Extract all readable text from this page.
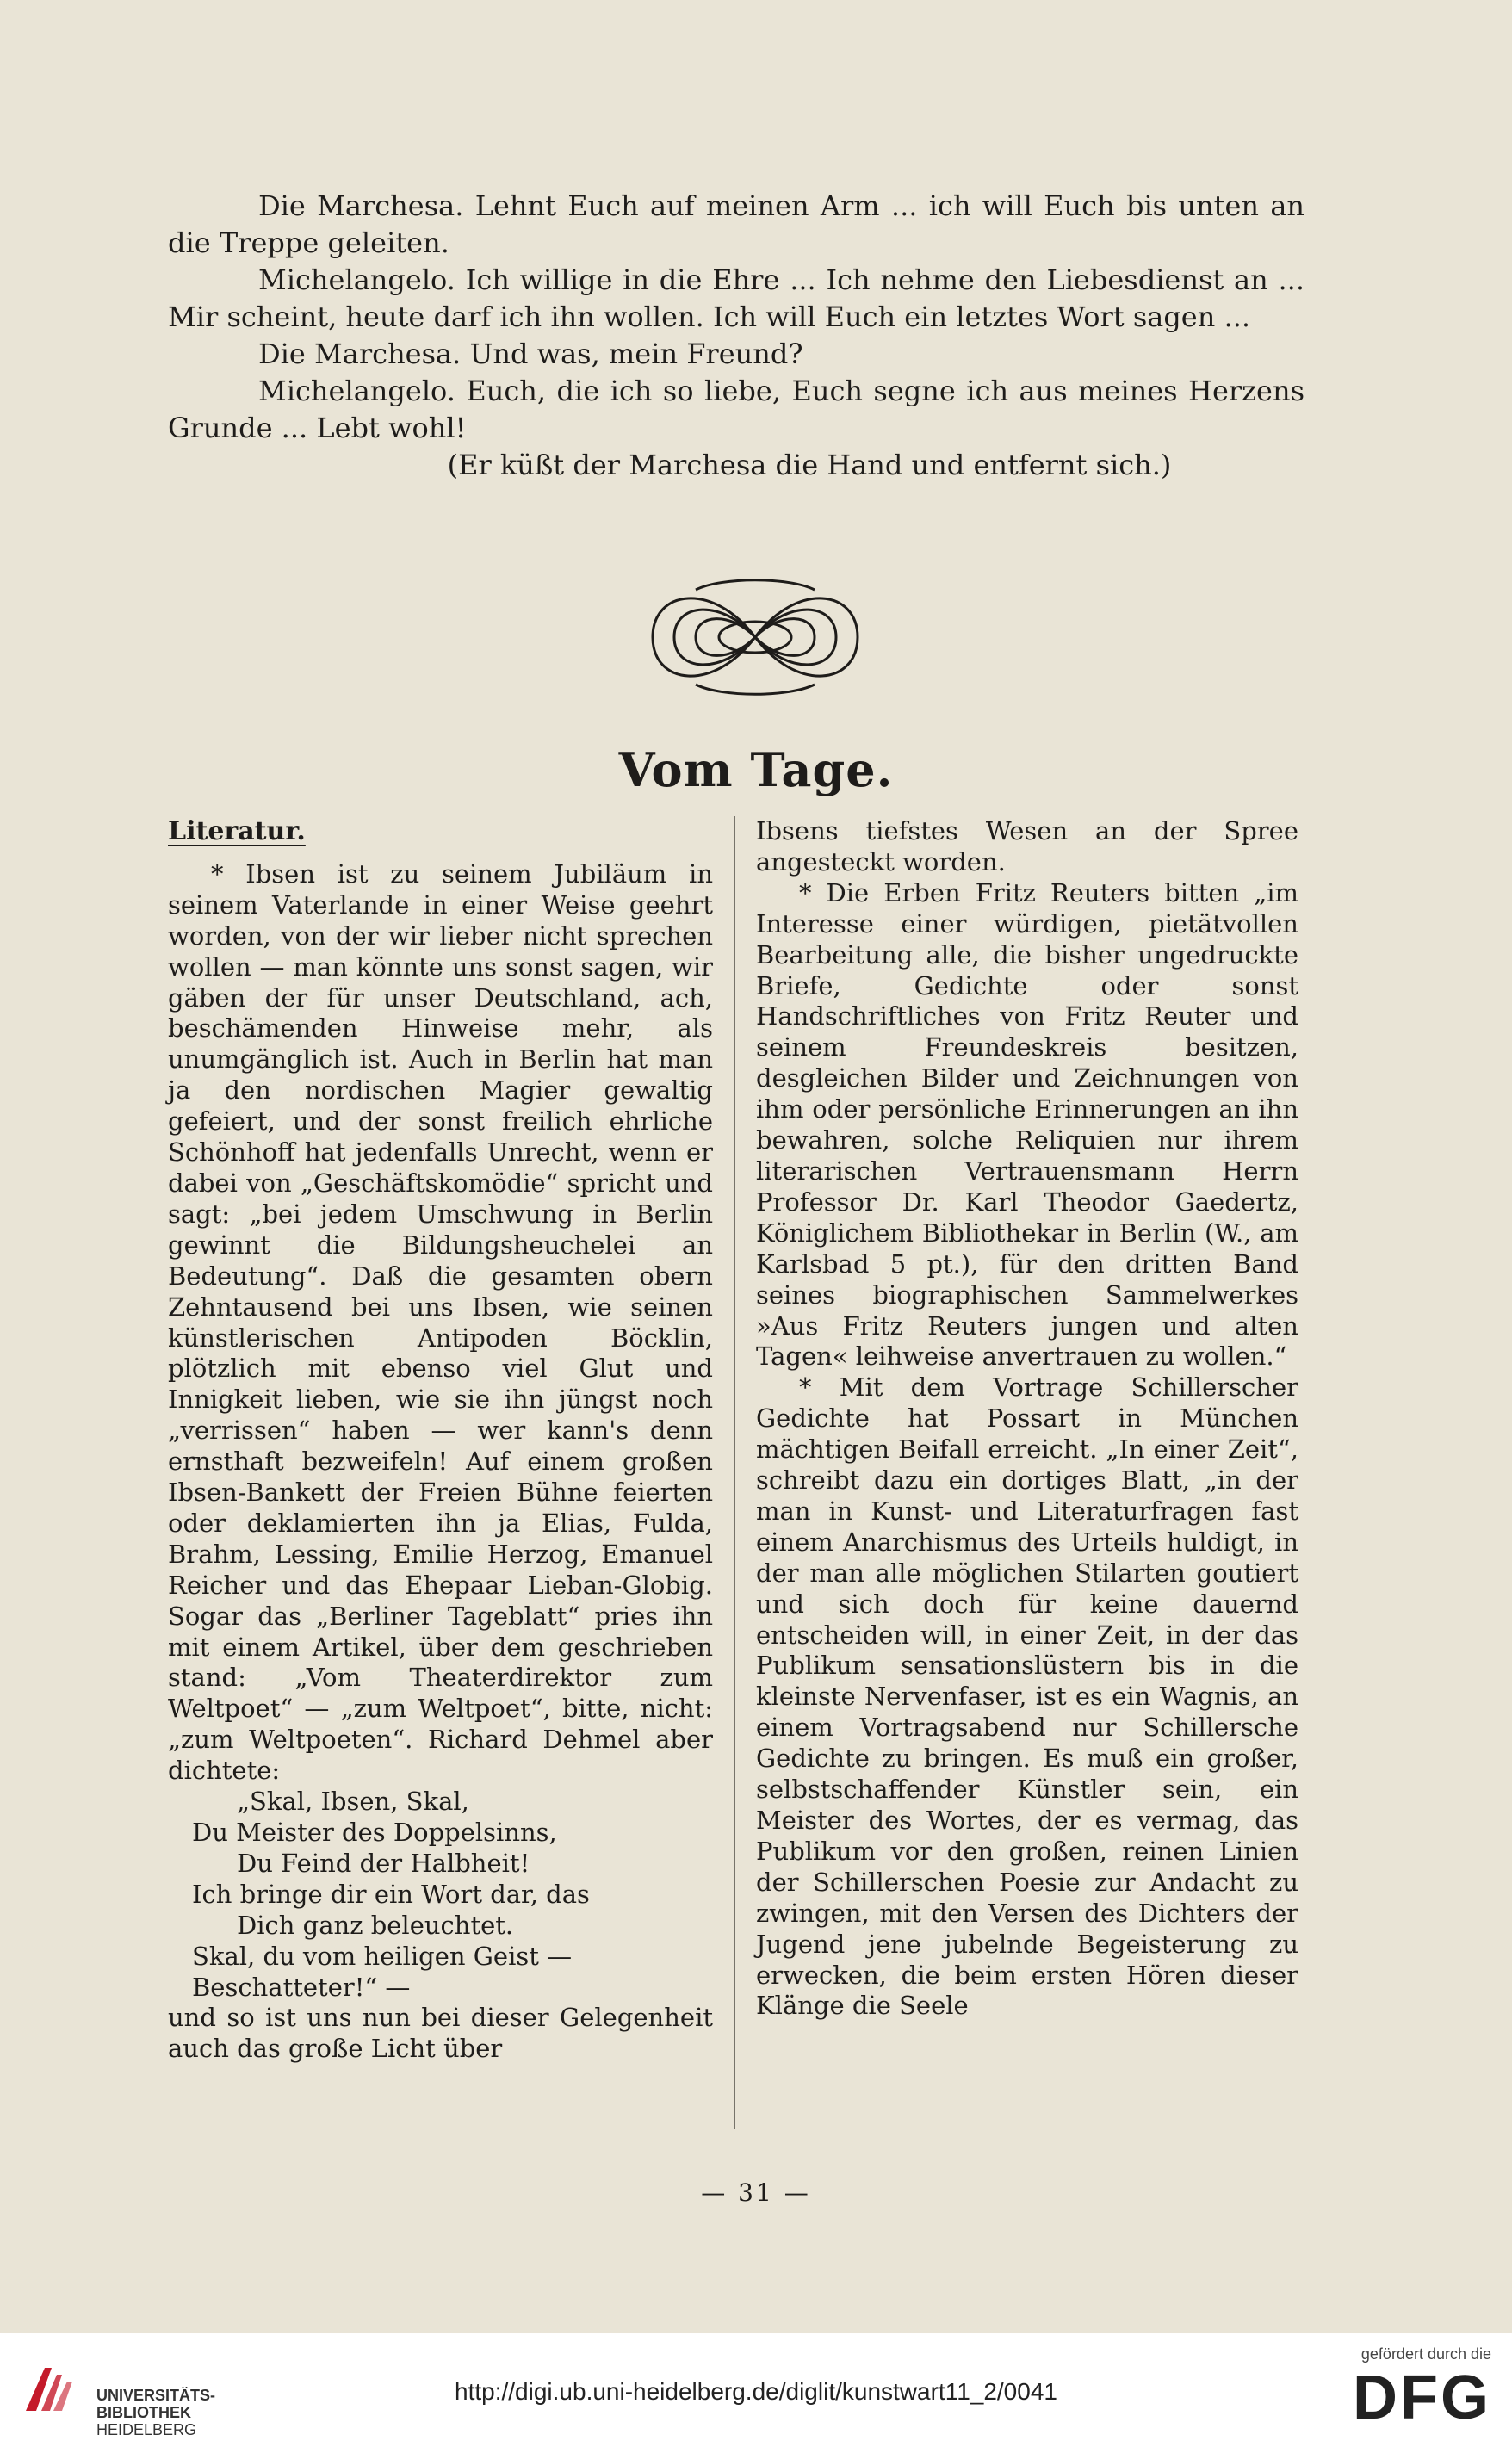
Die Marchesa. Lehnt Euch auf meinen Arm ... ich will Euch bis unten an die Treppe geleiten.

Michelangelo. Ich willige in die Ehre ... Ich nehme den Liebesdienst an ... Mir scheint, heute darf ich ihn wollen. Ich will Euch ein letztes Wort sagen ...

Die Marchesa. Und was, mein Freund?

Michelangelo. Euch, die ich so liebe, Euch segne ich aus meines Herzens Grunde ... Lebt wohl!

(Er küßt der Marchesa die Hand und entfernt sich.)

Vom Tage.

Literatur.

* Ibsen ist zu seinem Jubiläum in seinem Vaterlande in einer Weise geehrt worden, von der wir lieber nicht sprechen wollen — man könnte uns sonst sagen, wir gäben der für unser Deutschland, ach, beschämenden Hinweise mehr, als unumgänglich ist. Auch in Berlin hat man ja den nordischen Magier gewaltig gefeiert, und der sonst freilich ehrliche Schönhoff hat jedenfalls Unrecht, wenn er dabei von „Geschäftskomödie“ spricht und sagt: „bei jedem Umschwung in Berlin gewinnt die Bildungsheuchelei an Bedeutung“. Daß die gesamten obern Zehntausend bei uns Ibsen, wie seinen künstlerischen Antipoden Böcklin, plötzlich mit ebenso viel Glut und Innigkeit lieben, wie sie ihn jüngst noch „verrissen“ haben — wer kann's denn ernsthaft bezweifeln! Auf einem großen Ibsen-Bankett der Freien Bühne feierten oder deklamierten ihn ja Elias, Fulda, Brahm, Lessing, Emilie Herzog, Emanuel Reicher und das Ehepaar Lieban-Globig. Sogar das „Berliner Tageblatt“ pries ihn mit einem Artikel, über dem geschrieben stand: „Vom Theaterdirektor zum Weltpoet“ — „zum Weltpoet“, bitte, nicht: „zum Weltpoeten“. Richard Dehmel aber dichtete:

„Skal, Ibsen, Skal,

Du Meister des Doppelsinns,

Du Feind der Halbheit!

Ich bringe dir ein Wort dar, das

Dich ganz beleuchtet.

Skal, du vom heiligen Geist — Beschatteter!“ —

und so ist uns nun bei dieser Gelegenheit auch das große Licht über

Ibsens tiefstes Wesen an der Spree angesteckt worden.

* Die Erben Fritz Reuters bitten „im Interesse einer würdigen, pietätvollen Bearbeitung alle, die bisher ungedruckte Briefe, Gedichte oder sonst Handschriftliches von Fritz Reuter und seinem Freundeskreis besitzen, desgleichen Bilder und Zeichnungen von ihm oder persönliche Erinnerungen an ihn bewahren, solche Reliquien nur ihrem literarischen Vertrauensmann Herrn Professor Dr. Karl Theodor Gaedertz, Königlichem Bibliothekar in Berlin (W., am Karlsbad 5 pt.), für den dritten Band seines biographischen Sammelwerkes »Aus Fritz Reuters jungen und alten Tagen« leihweise anvertrauen zu wollen.“

* Mit dem Vortrage Schillerscher Gedichte hat Possart in München mächtigen Beifall erreicht. „In einer Zeit“, schreibt dazu ein dortiges Blatt, „in der man in Kunst- und Literaturfragen fast einem Anarchismus des Urteils huldigt, in der man alle möglichen Stilarten goutiert und sich doch für keine dauernd entscheiden will, in einer Zeit, in der das Publikum sensationslüstern bis in die kleinste Nervenfaser, ist es ein Wagnis, an einem Vortragsabend nur Schillersche Gedichte zu bringen. Es muß ein großer, selbstschaffender Künstler sein, ein Meister des Wortes, der es vermag, das Publikum vor den großen, reinen Linien der Schillerschen Poesie zur Andacht zu zwingen, mit den Versen des Dichters der Jugend jene jubelnde Begeisterung zu erwecken, die beim ersten Hören dieser Klänge die Seele

— 31 —
UNIVERSITÄTS-
BIBLIOTHEK
HEIDELBERG
http://digi.ub.uni-heidelberg.de/diglit/kunstwart11_2/0041
gefördert durch die
DFG
